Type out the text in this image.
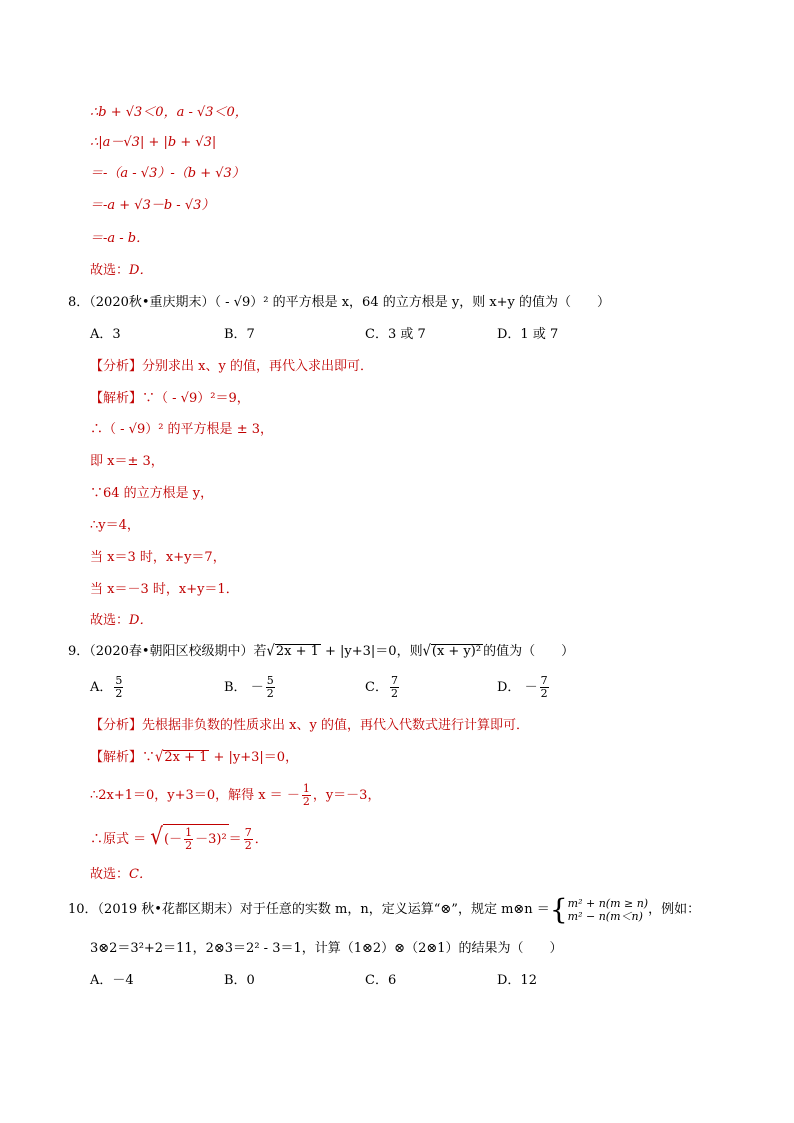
∴b + √3＜0，a - √3＜0，
∴|a－√3| + |b + √3|
＝-（a - √3）-（b + √3）
＝-a + √3－b - √3）
＝-a - b．
故选：D．
8．（2020秋•重庆期末）（ - √9）² 的平方根是 x，64 的立方根是 y，则 x+y 的值为（　　）
A．3	B．7	C．3 或 7	D．1 或 7
【分析】分别求出 x、y 的值，再代入求出即可．
【解析】∵（ - √9）²＝9，
∴（ - √9）² 的平方根是 ± 3，
即 x＝± 3，
∵64 的立方根是 y，
∴y＝4，
当 x＝3 时，x+y＝7，
当 x＝－3 时，x+y＝1．
故选：D．
9．（2020春•朝阳区校级期中）若√2x + 1 + |y+3|＝0，则√(x + y)² 的值为（　　）
A． $\frac{5}{2}$	B． － $\frac{5}{2}$	C． $\frac{7}{2}$	D． － $\frac{7}{2}$
【分析】先根据非负数的性质求出 x、y 的值，再代入代数式进行计算即可．
【解析】∵√2x + 1 + |y+3|＝0，
∴2x+1＝0，y+3＝0，解得 x ＝ － $\frac{1}{2}$ ，y＝－3，
∴原式 ＝ √(－ $\frac{1}{2} -3)^2 = \frac{7}{2}$ ．
故选：C．
10．（2019 秋•花都区期末）对于任意的实数 m，n，定义运算“⊗”，规定 m⊗n ＝{ m² + n(m ≥ n)
m² − n(m＜n) ，例如：
3⊗2＝3²+2＝11，2⊗3＝2² - 3＝1，计算（1⊗2）⊗（2⊗1）的结果为（　　）
A．－4	B．0	C．6	D．12
